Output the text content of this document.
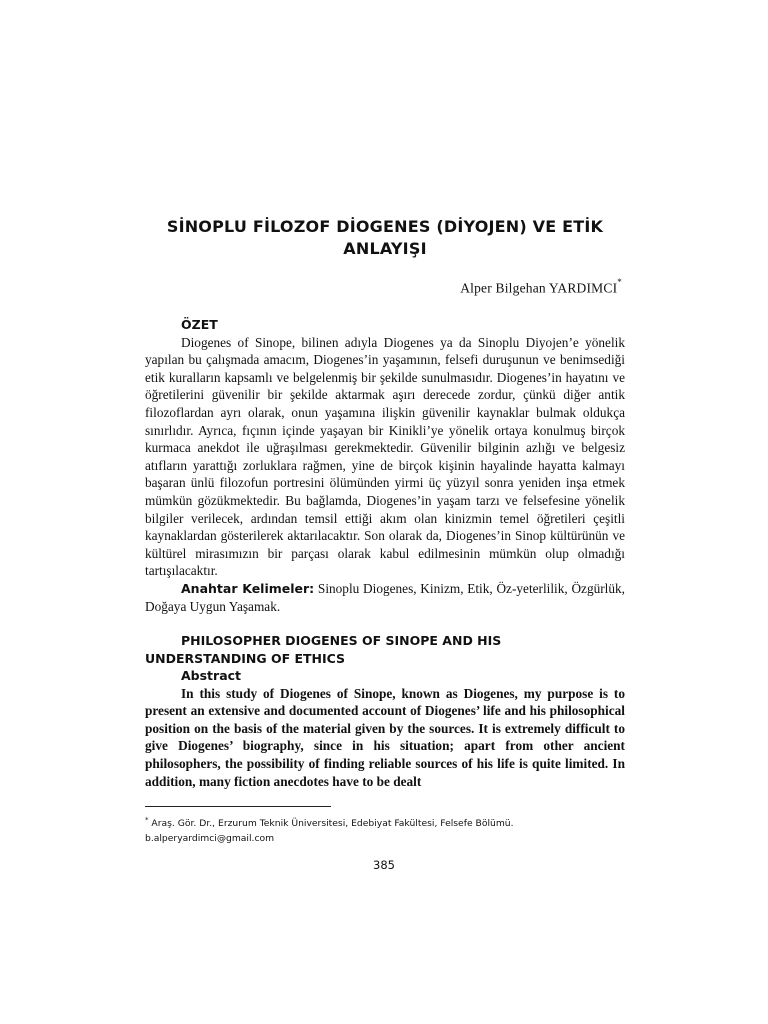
SİNOPLU FİLOZOF DİOGENES (DİYOJEN) VE ETİK
ANLAYIŞI
Alper Bilgehan YARDIMCI*
ÖZET

Diogenes of Sinope, bilinen adıyla Diogenes ya da Sinoplu Diyojen’e yönelik yapılan bu çalışmada amacım, Diogenes’in yaşamının, felsefi duruşunun ve benimsediği etik kuralların kapsamlı ve belgelenmiş bir şekilde sunulmasıdır. Diogenes’in hayatını ve öğretilerini güvenilir bir şekilde aktarmak aşırı derecede zordur, çünkü diğer antik filozoflardan ayrı olarak, onun yaşamına ilişkin güvenilir kaynaklar bulmak oldukça sınırlıdır. Ayrıca, fıçının içinde yaşayan bir Kinikli’ye yönelik ortaya konulmuş birçok kurmaca anekdot ile uğraşılması gerekmektedir. Güvenilir bilginin azlığı ve belgesiz atıfların yarattığı zorluklara rağmen, yine de birçok kişinin hayalinde hayatta kalmayı başaran ünlü filozofun portresini ölümünden yirmi üç yüzyıl sonra yeniden inşa etmek mümkün gözükmektedir. Bu bağlamda, Diogenes’in yaşam tarzı ve felsefesine yönelik bilgiler verilecek, ardından temsil ettiği akım olan kinizmin temel öğretileri çeşitli kaynaklardan gösterilerek aktarılacaktır. Son olarak da, Diogenes’in Sinop kültürünün ve kültürel mirasımızın bir parçası olarak kabul edilmesinin mümkün olup olmadığı tartışılacaktır.

Anahtar Kelimeler: Sinoplu Diogenes, Kinizm, Etik, Öz-yeterlilik, Özgürlük, Doğaya Uygun Yaşamak.

PHILOSOPHER DIOGENES OF SINOPE AND HIS UNDERSTANDING OF ETHICS
Abstract

In this study of Diogenes of Sinope, known as Diogenes, my purpose is to present an extensive and documented account of Diogenes’ life and his philosophical position on the basis of the material given by the sources. It is extremely difficult to give Diogenes’ biography, since in his situation; apart from other ancient philosophers, the possibility of finding reliable sources of his life is quite limited. In addition, many fiction anecdotes have to be dealt

* Araş. Gör. Dr., Erzurum Teknik Üniversitesi, Edebiyat Fakültesi, Felsefe Bölümü.
b.alperyardimci@gmail.com
385
